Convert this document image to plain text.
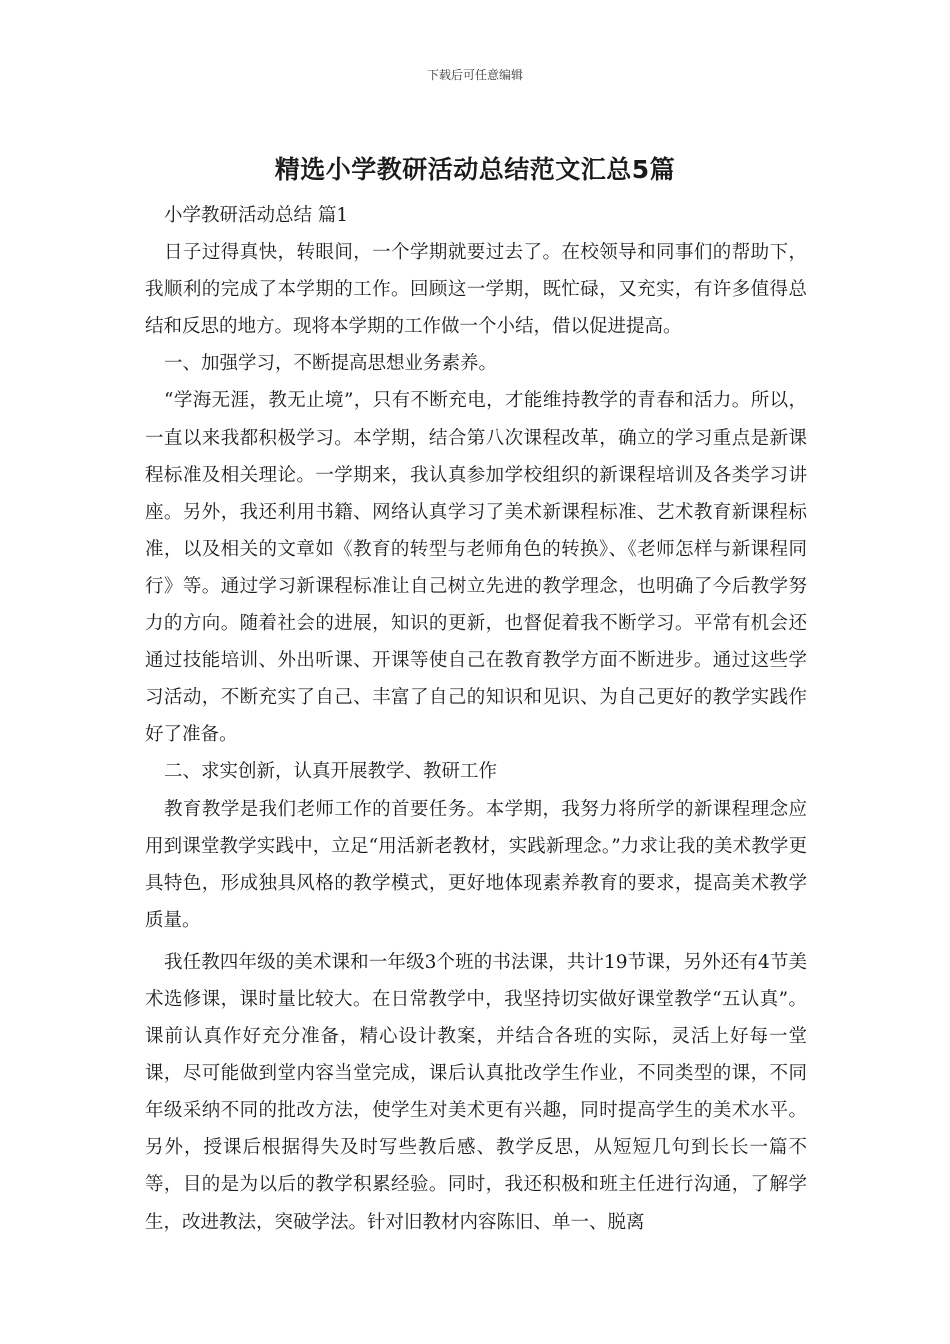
下载后可任意编辑
精选小学教研活动总结范文汇总5篇

小学教研活动总结 篇1

日子过得真快，转眼间，一个学期就要过去了。在校领导和同事们的帮助下，我顺利的完成了本学期的工作。回顾这一学期，既忙碌，又充实，有许多值得总结和反思的地方。现将本学期的工作做一个小结，借以促进提高。

一、加强学习，不断提高思想业务素养。

“学海无涯，教无止境”，只有不断充电，才能维持教学的青春和活力。所以，一直以来我都积极学习。本学期，结合第八次课程改革，确立的学习重点是新课程标准及相关理论。一学期来，我认真参加学校组织的新课程培训及各类学习讲座。另外，我还利用书籍、网络认真学习了美术新课程标准、艺术教育新课程标准，以及相关的文章如《教育的转型与老师角色的转换》、《老师怎样与新课程同行》等。通过学习新课程标准让自己树立先进的教学理念，也明确了今后教学努力的方向。随着社会的进展，知识的更新，也督促着我不断学习。平常有机会还通过技能培训、外出听课、开课等使自己在教育教学方面不断进步。通过这些学习活动，不断充实了自己、丰富了自己的知识和见识、为自己更好的教学实践作好了准备。

二、求实创新，认真开展教学、教研工作

教育教学是我们老师工作的首要任务。本学期，我努力将所学的新课程理念应用到课堂教学实践中，立足“用活新老教材，实践新理念。”力求让我的美术教学更具特色，形成独具风格的教学模式，更好地体现素养教育的要求，提高美术教学质量。

我任教四年级的美术课和一年级3个班的书法课，共计19节课，另外还有4节美术选修课，课时量比较大。在日常教学中，我坚持切实做好课堂教学“五认真”。课前认真作好充分准备，精心设计教案，并结合各班的实际，灵活上好每一堂课，尽可能做到堂内容当堂完成，课后认真批改学生作业，不同类型的课，不同年级采纳不同的批改方法，使学生对美术更有兴趣，同时提高学生的美术水平。另外，授课后根据得失及时写些教后感、教学反思，从短短几句到长长一篇不等，目的是为以后的教学积累经验。同时，我还积极和班主任进行沟通，了解学生，改进教法，突破学法。针对旧教材内容陈旧、单一、脱离
